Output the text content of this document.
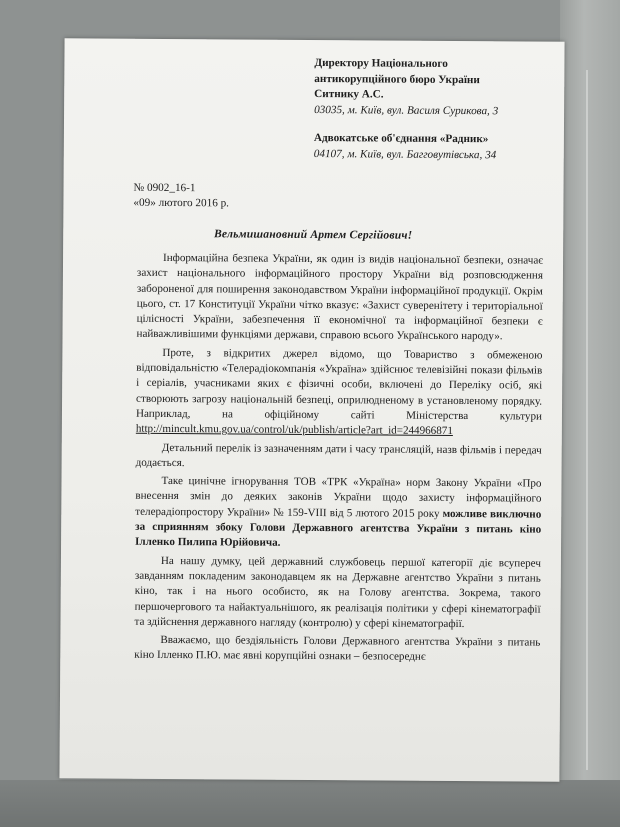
Директору Національного
антикорупційного бюро України
Ситнику А.С.
03035, м. Київ, вул. Василя Сурикова, 3
Адвокатське об'єднання «Радник»
04107, м. Київ, вул. Багговутівська, 34
№ 0902_16-1
«09» лютого 2016 р.
Вельмишановний Артем Сергійович!

Інформаційна безпека України, як один із видів національної безпеки, означає захист національного інформаційного простору України від розповсюдження забороненої для поширення законодавством України інформаційної продукції. Окрім цього, ст. 17 Конституції України чітко вказує: «Захист суверенітету і територіальної цілісності України, забезпечення її економічної та інформаційної безпеки є найважливішими функціями держави, справою всього Українського народу».

Проте, з відкритих джерел відомо, що Товариство з обмеженою відповідальністю «Телерадіокомпанія «Україна» здійснює телевізійні покази фільмів і серіалів, учасниками яких є фізичні особи, включені до Переліку осіб, які створюють загрозу національній безпеці, оприлюдненому в установленому порядку. Наприклад, на офіційному сайті Міністерства культури http://mincult.kmu.gov.ua/control/uk/publish/article?art_id=244966871

Детальний перелік із зазначенням дати і часу трансляцій, назв фільмів і передач додається.

Таке цинічне ігнорування ТОВ «ТРК «Україна» норм Закону України «Про внесення змін до деяких законів України щодо захисту інформаційного телерадіопростору України» № 159-VIII від 5 лютого 2015 року можливе виключно за сприянням збоку Голови Державного агентства України з питань кіно Ілленко Пилипа Юрійовича.

На нашу думку, цей державний службовець першої категорії діє всупереч завданням покладеним законодавцем як на Державне агентство України з питань кіно, так і на нього особисто, як на Голову агентства. Зокрема, такого першочергового та найактуальнішого, як реалізація політики у сфері кінематографії та здійснення державного нагляду (контролю) у сфері кінематографії.

Вважаємо, що бездіяльність Голови Державного агентства України з питань кіно Ілленко П.Ю. має явні корупційні ознаки – безпосереднє
